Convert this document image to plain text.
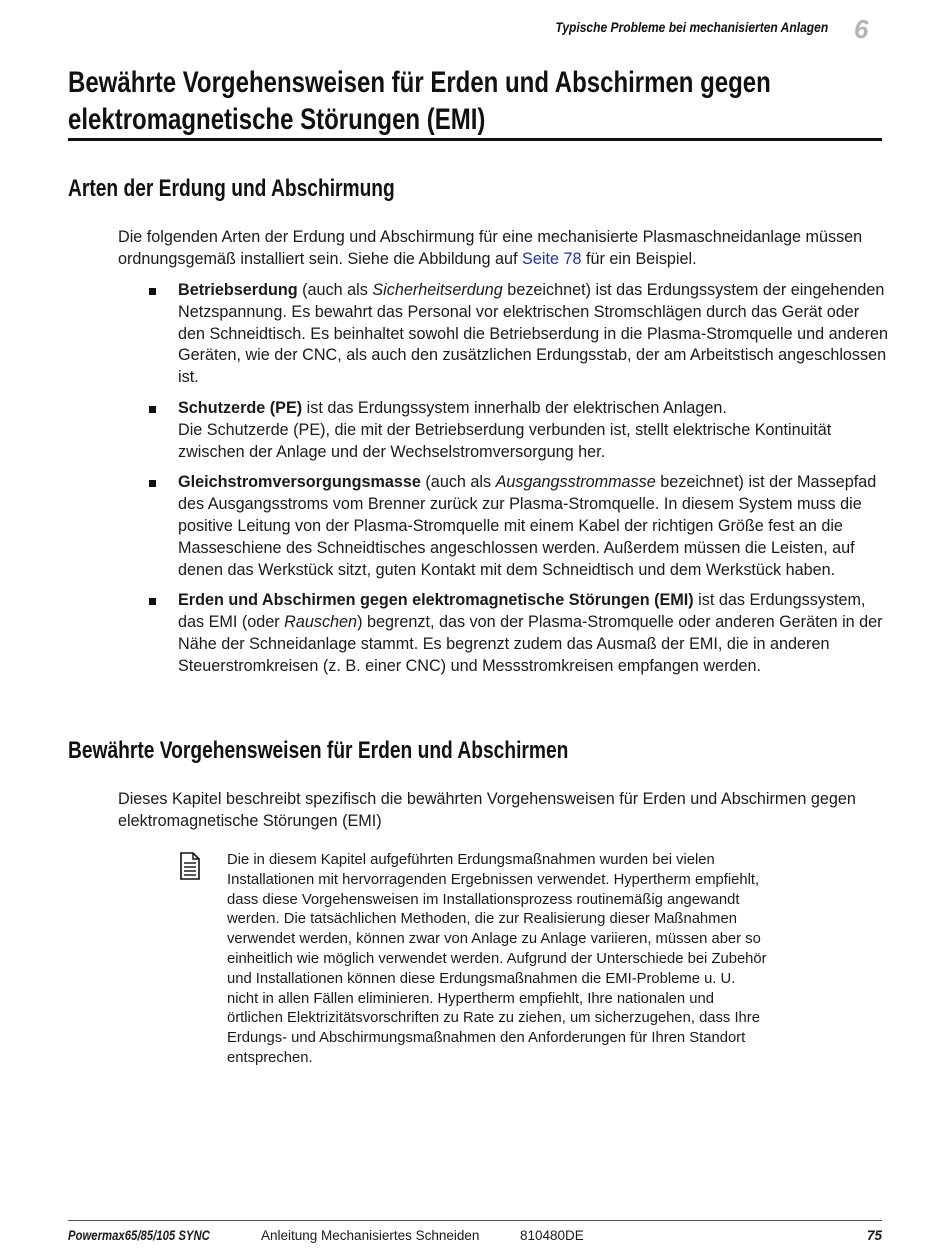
Typische Probleme bei mechanisierten Anlagen 6
Bewährte Vorgehensweisen für Erden und Abschirmen gegen
elektromagnetische Störungen (EMI)
Arten der Erdung und Abschirmung
Die folgenden Arten der Erdung und Abschirmung für eine mechanisierte Plasmaschneidanlage müssen ordnungsgemäß installiert sein. Siehe die Abbildung auf Seite 78 für ein Beispiel.
Betriebserdung (auch als Sicherheitserdung bezeichnet) ist das Erdungssystem der eingehenden Netzspannung. Es bewahrt das Personal vor elektrischen Stromschlägen durch das Gerät oder den Schneidtisch. Es beinhaltet sowohl die Betriebserdung in die Plasma-Stromquelle und anderen Geräten, wie der CNC, als auch den zusätzlichen Erdungsstab, der am Arbeitstisch angeschlossen ist.
Schutzerde (PE) ist das Erdungssystem innerhalb der elektrischen Anlagen.
Die Schutzerde (PE), die mit der Betriebserdung verbunden ist, stellt elektrische Kontinuität zwischen der Anlage und der Wechselstromversorgung her.
Gleichstromversorgungsmasse (auch als Ausgangsstrommasse bezeichnet) ist der Massepfad des Ausgangsstroms vom Brenner zurück zur Plasma-Stromquelle. In diesem System muss die positive Leitung von der Plasma-Stromquelle mit einem Kabel der richtigen Größe fest an die Masseschiene des Schneidtisches angeschlossen werden. Außerdem müssen die Leisten, auf denen das Werkstück sitzt, guten Kontakt mit dem Schneidtisch und dem Werkstück haben.
Erden und Abschirmen gegen elektromagnetische Störungen (EMI) ist das Erdungssystem, das EMI (oder Rauschen) begrenzt, das von der Plasma-Stromquelle oder anderen Geräten in der Nähe der Schneidanlage stammt. Es begrenzt zudem das Ausmaß der EMI, die in anderen Steuerstromkreisen (z. B. einer CNC) und Messstromkreisen empfangen werden.
Bewährte Vorgehensweisen für Erden und Abschirmen
Dieses Kapitel beschreibt spezifisch die bewährten Vorgehensweisen für Erden und Abschirmen gegen elektromagnetische Störungen (EMI)
Die in diesem Kapitel aufgeführten Erdungsmaßnahmen wurden bei vielen Installationen mit hervorragenden Ergebnissen verwendet. Hypertherm empfiehlt, dass diese Vorgehensweisen im Installationsprozess routinemäßig angewandt werden. Die tatsächlichen Methoden, die zur Realisierung dieser Maßnahmen verwendet werden, können zwar von Anlage zu Anlage variieren, müssen aber so einheitlich wie möglich verwendet werden. Aufgrund der Unterschiede bei Zubehör und Installationen können diese Erdungsmaßnahmen die EMI-Probleme u. U. nicht in allen Fällen eliminieren. Hypertherm empfiehlt, Ihre nationalen und örtlichen Elektrizitätsvorschriften zu Rate zu ziehen, um sicherzugehen, dass Ihre Erdungs- und Abschirmungsmaßnahmen den Anforderungen für Ihren Standort entsprechen.
Powermax65/85/105 SYNC	Anleitung Mechanisiertes Schneiden	810480DE	75
